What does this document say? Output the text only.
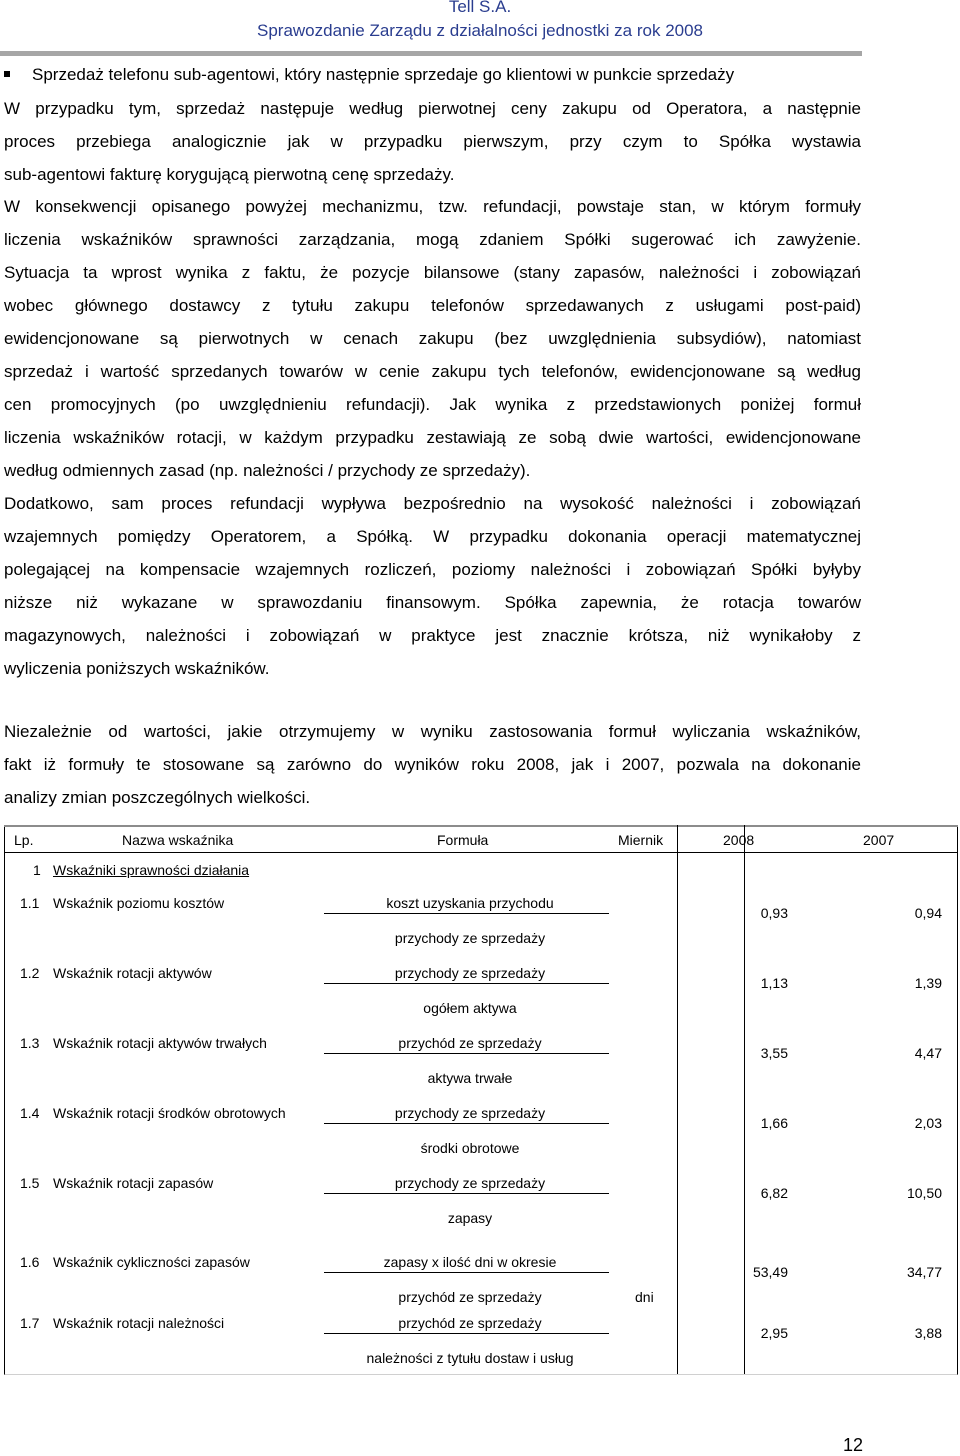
Tell S.A.
Sprawozdanie Zarządu z działalności jednostki za rok 2008
Sprzedaż telefonu sub-agentowi, który następnie sprzedaje go klientowi w punkcie sprzedaży
W przypadku tym, sprzedaż następuje według pierwotnej ceny zakupu od Operatora, a następnie
proces przebiega analogicznie jak w przypadku pierwszym, przy czym to Spółka wystawia
sub-agentowi fakturę korygującą pierwotną cenę sprzedaży.
W konsekwencji opisanego powyżej mechanizmu, tzw. refundacji, powstaje stan, w którym formuły
liczenia wskaźników sprawności zarządzania, mogą zdaniem Spółki sugerować ich zawyżenie.
Sytuacja ta wprost wynika z faktu, że pozycje bilansowe (stany zapasów, należności i zobowiązań
wobec głównego dostawcy z tytułu zakupu telefonów sprzedawanych z usługami post-paid)
ewidencjonowane są pierwotnych w cenach zakupu (bez uwzględnienia subsydiów), natomiast
sprzedaż i wartość sprzedanych towarów w cenie zakupu tych telefonów, ewidencjonowane są według
cen promocyjnych (po uwzględnieniu refundacji). Jak wynika z przedstawionych poniżej formuł
liczenia wskaźników rotacji, w każdym przypadku zestawiają ze sobą dwie wartości, ewidencjonowane
według odmiennych zasad (np. należności / przychody ze sprzedaży).
Dodatkowo, sam proces refundacji wypływa bezpośrednio na wysokość należności i zobowiązań
wzajemnych pomiędzy Operatorem, a Spółką. W przypadku dokonania operacji matematycznej
polegającej na kompensacie wzajemnych rozliczeń, poziomy należności i zobowiązań Spółki byłyby
niższe niż wykazane w sprawozdaniu finansowym. Spółka zapewnia, że rotacja towarów
magazynowych, należności i zobowiązań w praktyce jest znacznie krótsza, niż wynikałoby z
wyliczenia poniższych wskaźników.
Niezależnie od wartości, jakie otrzymujemy w wyniku zastosowania formuł wyliczania wskaźników,
fakt iż formuły te stosowane są zarówno do wyników roku 2008, jak i 2007, pozwala na dokonanie
analizy zmian poszczególnych wielkości.
Lp.	Nazwa wskaźnika	Formuła	Miernik	2008	2007
1 Wskaźniki sprawności działania
1.1 Wskaźnik poziomu kosztów	koszt uzyskania przychodu
przychody ze sprzedaży
0,93	0,94
1.2 Wskaźnik rotacji aktywów	przychody ze sprzedaży
ogółem aktywa
1,13	1,39
1.3 Wskaźnik rotacji aktywów trwałych	przychód ze sprzedaży
aktywa trwałe
3,55	4,47
1.4 Wskaźnik rotacji środków obrotowych	przychody ze sprzedaży
środki obrotowe
1,66	2,03
1.5 Wskaźnik rotacji zapasów	przychody ze sprzedaży
zapasy
6,82	10,50
1.6 Wskaźnik cykliczności zapasów	zapasy x ilość dni w okresie
przychód ze sprzedaży	dni
53,49	34,77
1.7 Wskaźnik rotacji należności	przychód ze sprzedaży
należności z tytułu dostaw i usług
2,95	3,88
12
